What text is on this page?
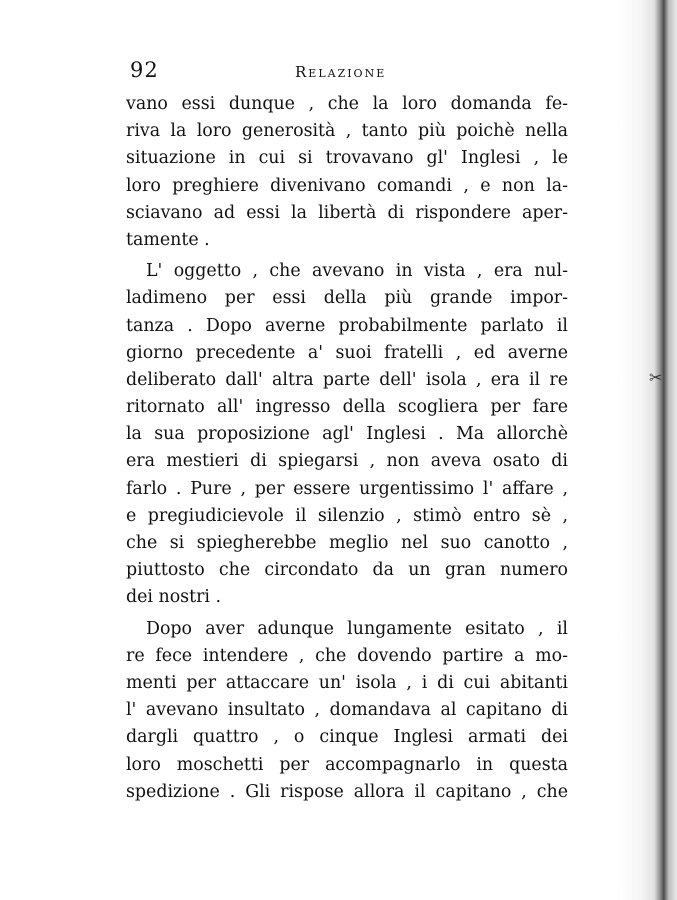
✂
92	Relazione
vano essi dunque , che la loro domanda fe-
riva la loro generosità , tanto più poichè nella
situazione in cui si trovavano gl' Inglesi , le
loro preghiere divenivano comandi , e non la-
sciavano ad essi la libertà di rispondere aper-
tamente .
L' oggetto , che avevano in vista , era nul-
ladimeno per essi della più grande impor-
tanza . Dopo averne probabilmente parlato il
giorno precedente a' suoi fratelli , ed averne
deliberato dall' altra parte dell' isola , era il re
ritornato all' ingresso della scogliera per fare
la sua proposizione agl' Inglesi . Ma allorchè
era mestieri di spiegarsi , non aveva osato di
farlo . Pure , per essere urgentissimo l' affare ,
e pregiudicievole il silenzio , stimò entro sè ,
che si spiegherebbe meglio nel suo canotto ,
piuttosto che circondato da un gran numero
dei nostri .
Dopo aver adunque lungamente esitato , il
re fece intendere , che dovendo partire a mo-
menti per attaccare un' isola , i di cui abitanti
l' avevano insultato , domandava al capitano di
dargli quattro , o cinque Inglesi armati dei
loro moschetti per accompagnarlo in questa
spedizione . Gli rispose allora il capitano , che
